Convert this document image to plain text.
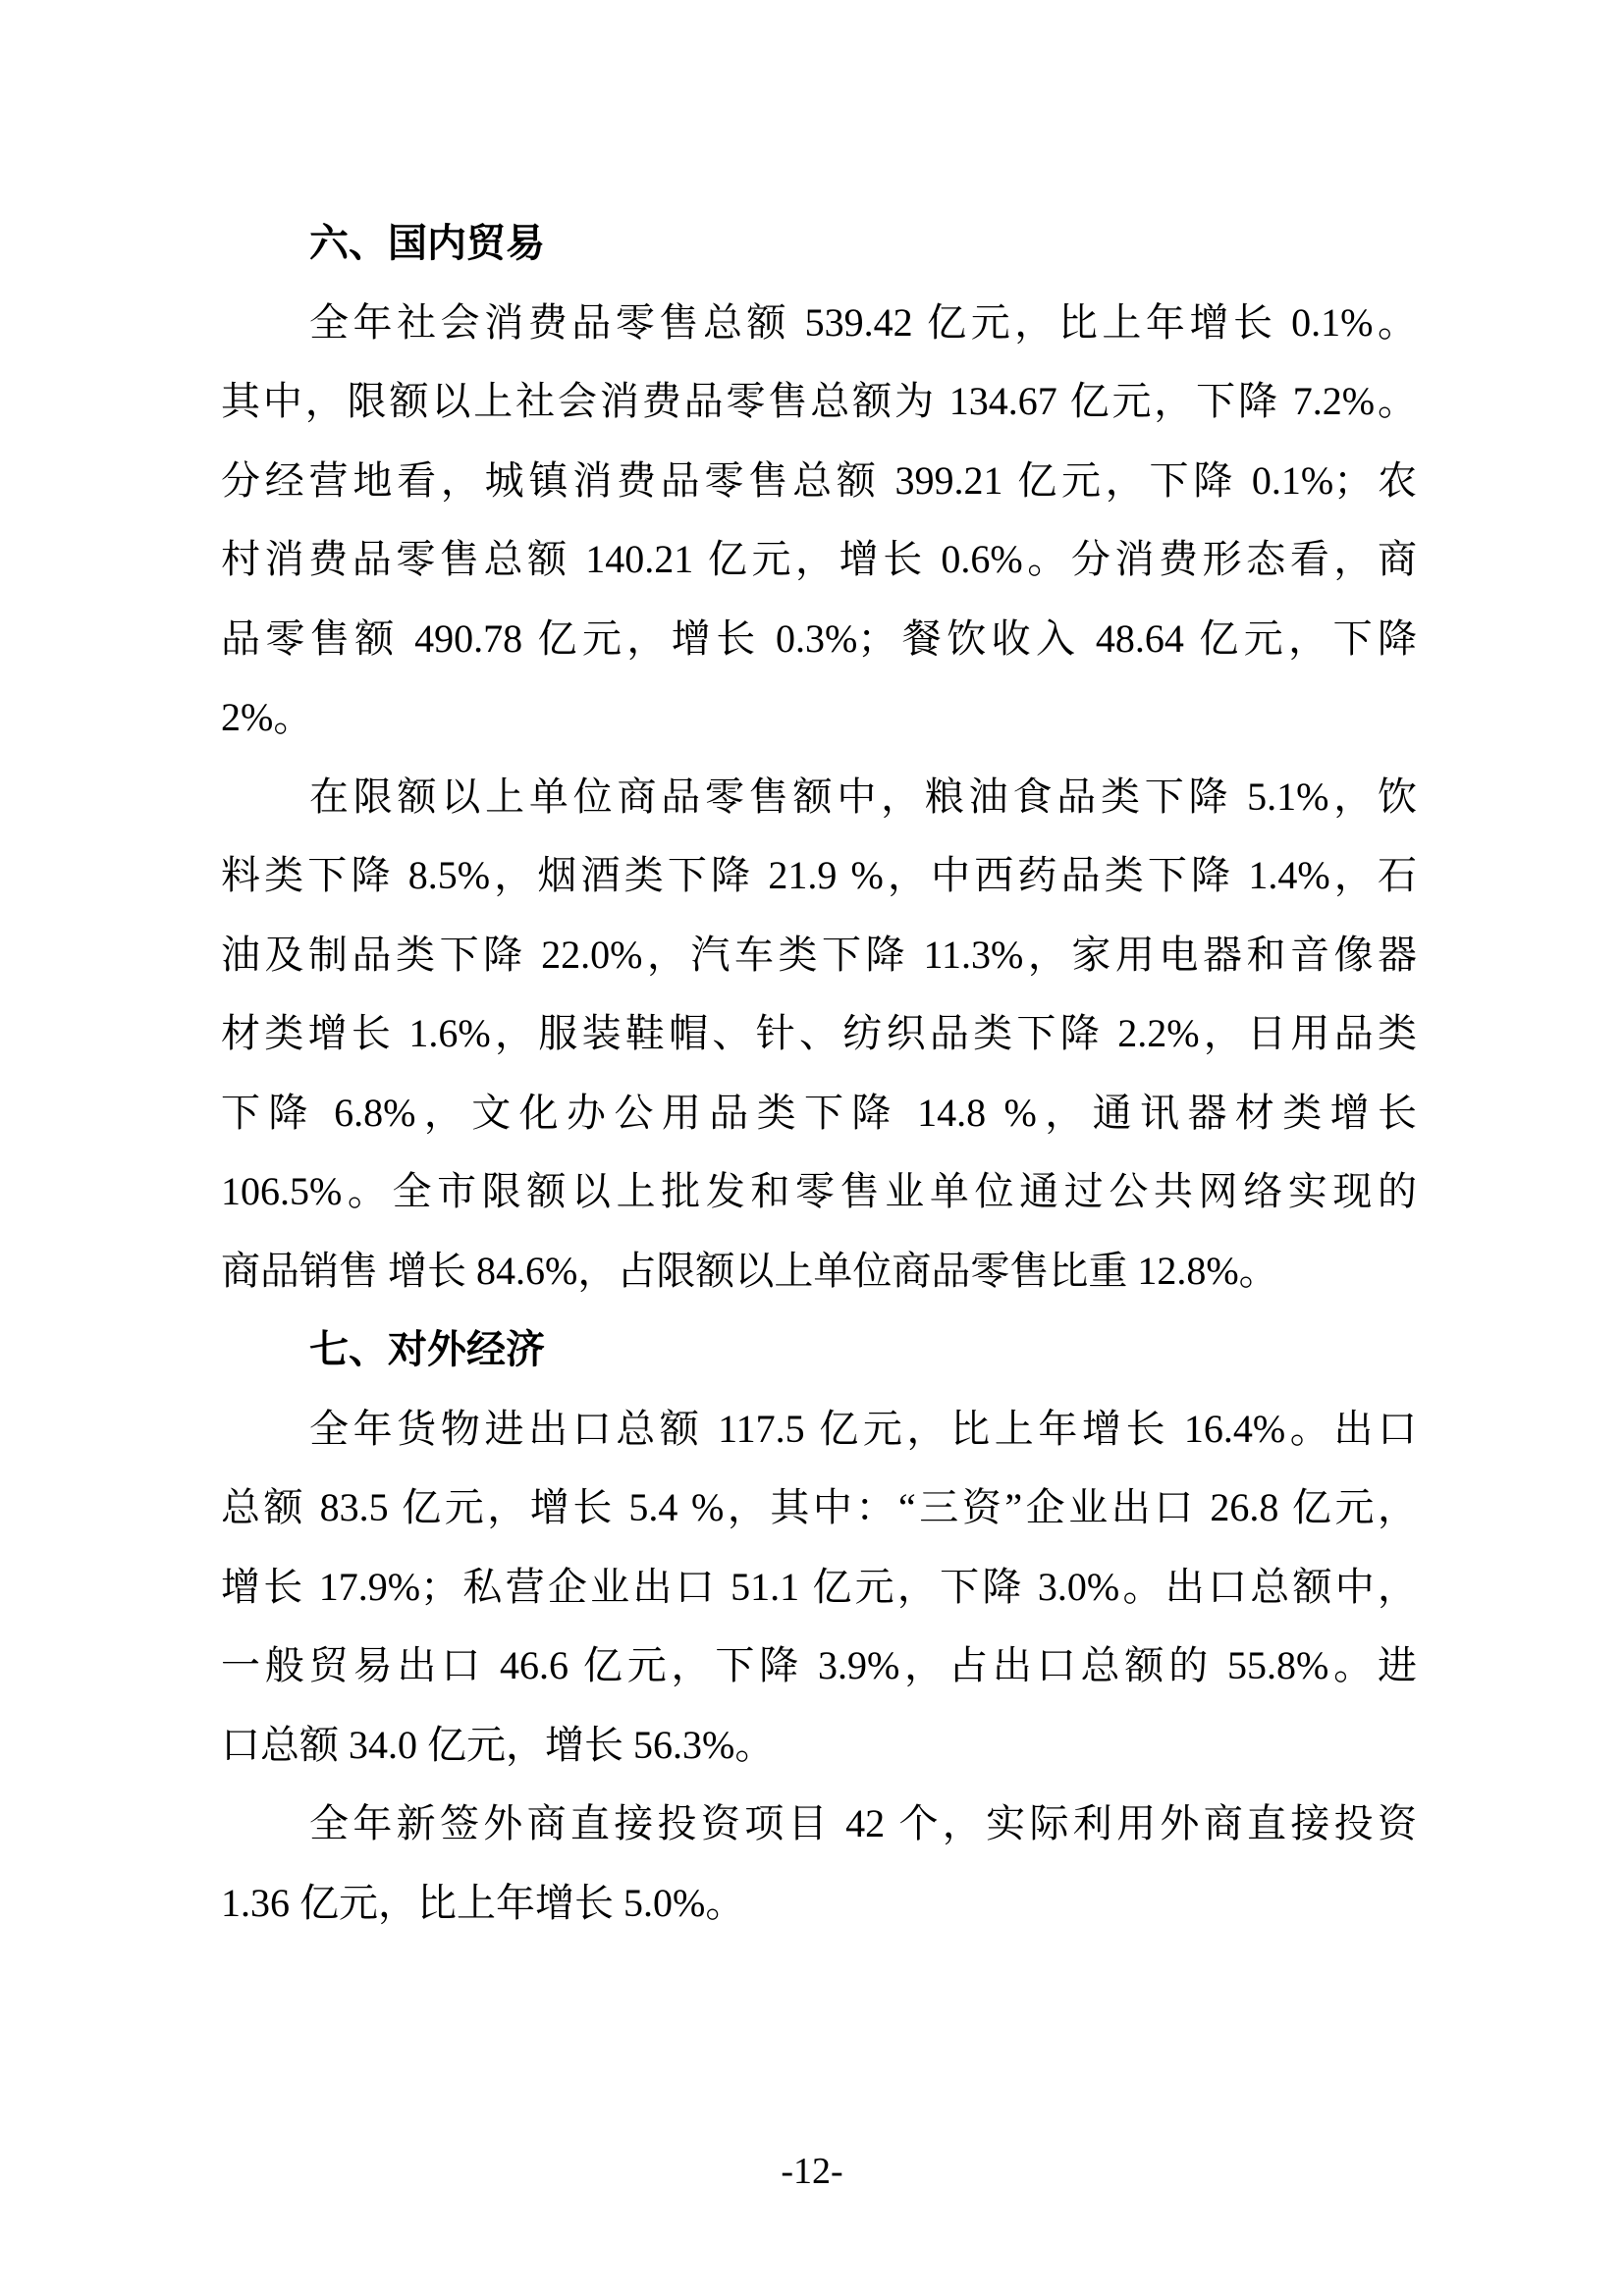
六、国内贸易
全年社会消费品零售总额 539.42 亿元，比上年增长 0.1%。
其中，限额以上社会消费品零售总额为 134.67 亿元，下降 7.2%。
分经营地看，城镇消费品零售总额 399.21 亿元，下降 0.1%；农
村消费品零售总额 140.21 亿元，增长 0.6%。分消费形态看，商
品零售额 490.78 亿元，增长 0.3%；餐饮收入 48.64 亿元，下降
2%。
在限额以上单位商品零售额中，粮油食品类下降 5.1%，饮
料类下降 8.5%，烟酒类下降 21.9 %，中西药品类下降 1.4%，石
油及制品类下降 22.0%，汽车类下降 11.3%，家用电器和音像器
材类增长 1.6%，服装鞋帽、针、纺织品类下降 2.2%，日用品类
下降 6.8%，文化办公用品类下降 14.8 %，通讯器材类增长
106.5%。全市限额以上批发和零售业单位通过公共网络实现的
商品销售 增长 84.6%，占限额以上单位商品零售比重 12.8%。
七、对外经济
全年货物进出口总额 117.5 亿元，比上年增长 16.4%。出口
总额 83.5 亿元，增长 5.4 %，其中：“三资”企业出口 26.8 亿元，
增长 17.9%；私营企业出口 51.1 亿元，下降 3.0%。出口总额中，
一般贸易出口 46.6 亿元，下降 3.9%，占出口总额的 55.8%。进
口总额 34.0 亿元，增长 56.3%。
全年新签外商直接投资项目 42 个，实际利用外商直接投资
1.36 亿元，比上年增长 5.0%。
-12-
